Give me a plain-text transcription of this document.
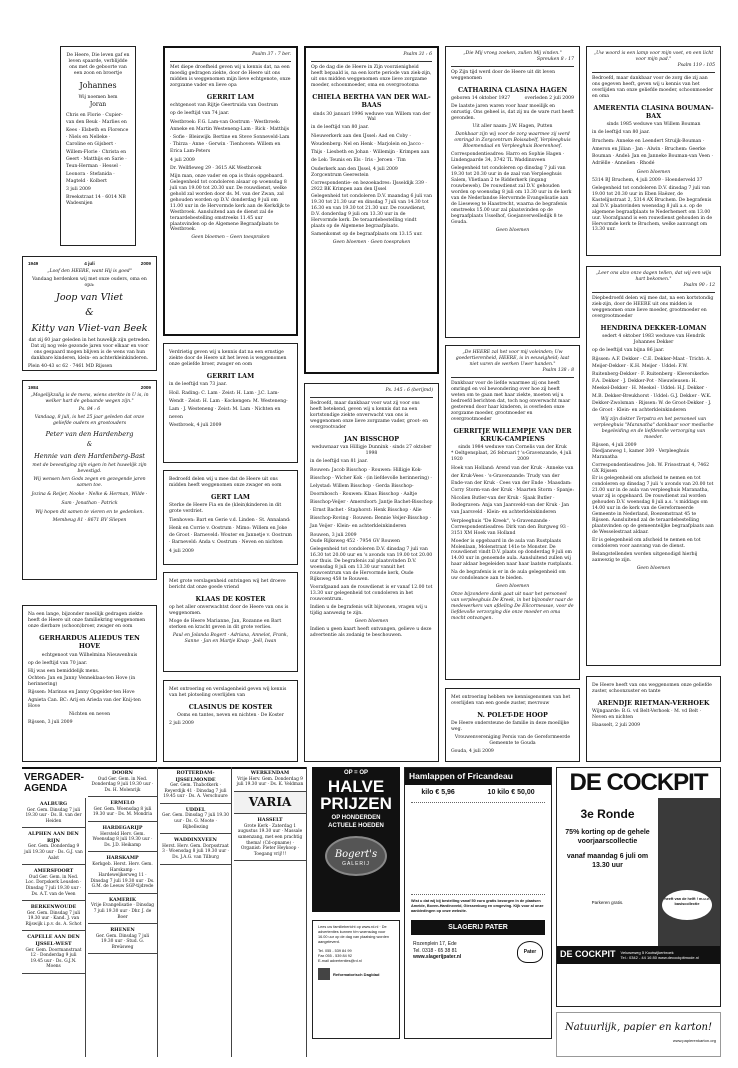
De Heere, Die leven gaf en leven spaarde, verblijdde ons met de geboorte van een zoon en broertje
Johannes
Wij noemen hem
Joran
Chris en Florie · Cupier-van den Beuk · Marlies en Kees · Elsbeth en Florence · Niels en Nelleke · Caroline en Gijsbert · Willem-Florie · Christa en Geert · Matthijs en Sarie · Teun-Herman · Hessel · Leonora · Stefanida · Magteld · Kolbert
3 juli 2009
Breekstraat 14 · 6014 NB Wadesnijen
1949	4 juli	2009
„Loof den HEERE, want Hij is goed"
Vandaag herdenken wij met onze ouders, oma en opa:
Joop van Vliet
&
Kitty van Vliet-van Beek
dat zij 60 jaar geleden in het huwelijk zijn getreden. Dat zij nog vele gezonde jaren voor elkaar en voor ons gespaard mogen blijven is de wens van hun dankbare kinderen, klein- en achterkleinkinderen.
Plein 40-43 sc 62 · 7461 MD Rijssen
1984	2009
„Mogelijkzalig is de mens, wiens sterkte in U is, in welker hart de gebaande wegen zijn."
Ps. 84 : 6
Vandaag, 8 juli, is het 25 jaar geleden dat onze geliefde ouders en grootouders
Peter van den Hardenberg
&
Hennie van den Hardenberg-Bast
met de bevestiging zijn eigen in het huwelijk zijn bevestigd.
Wij wensen hen Gods zegen en gezegende jaren samen toe.
Jozina & Reijer, Nooke · Nelke & Herman, Wilde · Sam · Jonathan · Patrick
Wij hopen dit samen te vieren en te gedenken.
Membeug 81 · 8671 BV Sliepen
Na een lange, bijzonder moeilijk gedragen ziekte heeft de Heere uit onze familiekring weggenomen onze dierbare (schoon)broer, zwager en oom
GERHARDUS ALIEDUS TEN HOVE
echtgenoot van Wilhelmina Nieuwenhuis
op de leeftijd van 70 jaar.
Hij was een bemiddelijk mens.
Ochten: Jan en Janny Venneklaas-ten Hove (in herinnering)
Rijssen: Marinus en Janny Opgelder-ten Hove
Agnieta Can. BC: Arij en Arieda van der Knij-ten Hove
Nichten en neven
Rijssen, 3 juli 2009
Psalm 37 : 7 ber.
Met diepe droefheid geven wij u kennis dat, na een moedig gedragen ziekte, door de Heere uit ons midden is weggenomen mijn lieve echtgenote, onze zorgzame vader en lieve opa
GERRIT LAM
echtgenoot van Rijtje Geertruida van Oostrum
op de leeftijd van 74 jaar.
Westbroek: F.G. Lam-van Oostrum · Westbroek: Anneke en Martin Westeneng-Lam · Rick · Matthijs · Sofie · Bleiswijk: Bertine en Steve Sonneveld-Lam · Thirza · Anne · Gerwin · Tienhoven: Willem en Erica Lam-Peters
4 juli 2009
Dr. Wellfleweg 29 · 3615 AK Westbroek
Mijn man, onze vader en opa is thuis opgebaard. Gelegenheid tot condoleren alsaar op woensdag 8 juli van 19.00 tot 20.30 uur. De rouwdienst, welke gehold zal worden door ds. M. van der Zwan, zal gehouden worden op D.V. donderdag 9 juli om 11.00 uur in de Hervormde kerk aan de Kerkdijk te Westbroek. Aansluitend aan de dienst zal de teraardebestelling omstreeks 11.45 uur plaatsvinden op de Algemene Begraafplaats te Westbroek.
Geen bloemen – Geen toespraken
Verdrietig geven wij u kennis dat na een ernstige ziekte door de Heere uit het leven is weggenomen onze geliefde broer, zwager en oom
GERRIT LAM
in de leeftijd van 73 jaar.
Hoil. Rading: C. Lam · Zeist: H. Lam · J.C. Lam-Wendt · Zeist: H. Lam · Kockengen: M. Westeneng-Lam · J. Westeneng · Zeist: M. Lam · Nichten en neven
Westbroek, 4 juli 2009
Bedroefd delen wij u mee dat de Heere uit ons midden heeft weggenomen onze zwager en oom
GERT LAM
Sterke de Heere Fia en de (klein)kinderen in dit grote verdriet.
Tienhoven: Bart en Gerie v.d. Linden · St. Annaland: Henk en Corrie v. Oostrum · Mimo: Willem en Joke de Groot · Barneveld: Wouter en Jannetje v. Oostrum · Barneveld: Anda v. Oostrum · Neven en nichten
4 juli 2009
Met grote verslagenheid ontvingen wij het droeve bericht dat onze goede vriend
KLAAS DE KOSTER
op het aller onverwachtst door de Heere van ons is weggenomen.
Moge de Heere Marianne, Jan, Rozanne en Bart sterken en kracht geven in dit grote verlies.
Paul en Jolanda Bogert · Adriana, Annelot, Frank, Sanne · Jan en Martje Knap · Joël, Iwan
Met ontroering en verslagenheid geven wij kennis van het plotseling overlijden van
CLASINUS DE KOSTER
Ooms en tantes, neven en nichten · De Koster
2 juli 2009
Psalm 31 : 6
Op de dag die de Heere in Zijn voorzienigheid heeft bepaald is, na een korte periode van ziek-zijn, uit ons midden weggenomen onze lieve zorgzame moeder, schoonmoeder, oma en overgrootoma
CHIELA BERTHA VAN DER WAL-BAAS
sinds 30 januari 1996 weduwe van Willem van der Wal
in de leeftijd van 80 jaar.
Nieuwerkerk aan den IJssel: Aad en Coby · Woudenberg: Nel en Henk · Marjolein en Jacco · Thijs · Liesbeth en Johan · Willemijn · Krimpen aan de Lek: Teunis en Els · Iris · Jeroen · Tim
Ouderkerk aan den IJssel, 4 juli 2009
Zorgcentrum Geerestein
Correspondentie- en bezoekadres: IJsseldijk 339 · 2922 BK Krimpen aan den IJssel
Gelegenheid tot condoleren D.V. maandag 6 juli van 19.30 tot 21.30 uur en dinsdag 7 juli van 14.30 tot 16.30 en van 19.30 tot 21.30 uur. De rouwdienst, D.V. donderdag 9 juli om 13.30 uur in de Hervormde kerk. De teraardebestelling vindt plaats op de Algemene begraafplaats.
Samenkomst op de begraafplaats om 13.15 uur.
Geen bloemen · Geen toespraken
Ps. 145 : 6 (berijmd)
Bedroefd, maar dankbaar voor wat zij voor ons heeft betekend, geven wij u kennis dat na een kortstondige ziekte onverwacht van ons is weggenomen onze lieve zorgzame vader, groot- en overgrootvader
JAN BISSCHOP
weduwnaar van Hilligje Dunnink · sinds 27 oktober 1998
in de leeftijd van 81 jaar.
Rouwen: Jacob Bisschop · Rouwen: Hilligje Kok-Bisschop · Wicher Kok · (in liefdevolle herinnering) · Lelystad: Willem Bisschop · Gerda Bisschop-Doornbosch · Rouwen: Klaas Bisschop · Aaltje Bisschop-Veijer · Amersfoort: Jantje Bachet-Bisschop · Ernst Bachet · Staphorst: Henk Bisschop · Alie Bisschop-Roving · Rouwen: Bennie Veijer-Bisschop · Jan Veijer · Klein- en achterkleinkinderen
Rouwen, 3 juli 2009
Oude Rijksweg 452 · 7954 GV Rouwen
Gelegenheid tot condoleren D.V. dinsdag 7 juli van 16.30 tot 20.00 uur en 's avonds van 19.00 tot 20.00 uur thuis. De begrafenis zal plaatsvinden D.V. woensdag 8 juli om 13.30 uur vanuit het rouwcentrum van de Hervormde kerk, Oude Rijksweg 458 te Rouwen.
Voorafgaand aan de rouwdienst is er vanaf 12.00 tot 13.30 uur gelegenheid tot condoleren in het rouwcentrum.
Indien u de begrafenis wilt bijwonen, vragen wij u tijdig aanwezig te zijn.
Geen bloemen
Indien u geen kaart heeft ontvangen, gelieve u deze advertentie als zodanig te beschouwen.
„Die Mij vroeg zoeken, zullen Mij vinden."
Spreuken 8 : 17
Op Zijn tijd werd door de Heere uit dit leven weggenomen
CATHARINA CLASINA HAGEN
geboren 14 oktober 1927	overleden 2 juli 2009
De laatste jaren waren voor haar moeilijk en onrustig. Ons geheel is, dat zij nu de ware rust heeft gevonden.
Uit aller naam: J.W. Hagen, Putten
Dankbaar zijn wij voor de zorg waarmee zij werd omringd in Zorgcentrum Boissabelf, Verpleeghuis Bloemendaal en Verpleeghuis Boerenhoef.
Correspondentieadres: Harro en Sophie Hagen · Lindengaarde 34, 3742 TL Waddinxveen
Gelegenheid tot condoleren op dinsdag 7 juli van 19.30 tot 20.30 uur in de zaal van Verpleeghuis Salem, Vlietlaan 2 te Ridderkerk (ingang rouwbeweb). De rouwdienst zal D.V. gehouden worden op woensdag 8 juli om 13.30 uur in de kerk van de Nederlandse Hervormde Evangelisatie aan de Lieseweg te Haastrecht, waarna de begrafenis omstreeks 15.00 uur zal plaatsvinden op de begraafplaats Usselhof, Goejanverwelledijk 8 te Gouda.
Geen bloemen
„De HEERE zal het voor mij voleinden; Uw goedertierenheid, HEERE, is in eeuwigheid; laat niet varen de werken Uwer handen."
Psalm 138 : 8
Dankbaar voor de liefde waarmee zij ons heeft omringd en vol bewondering over hoe zij heeft weten om te gaan met haar ziekte, moeten wij u bedroefd berichten dat, toch nog onverwacht maar gesterend door haar kinderen, is overleden onze zorgzame moeder, grootmoeder en overgrootmoeder
GERRITJE WILLEMPJE VAN DER KRUK-CAMPIENS
sinds 1984 weduwe van Cornelis van der Kruk
* Oeltgensplaat, 26 februari 1920
† 's-Gravenzande, 4 juli 2009
Hoek van Holland: Arend van der Kruk · Anneke van der Kruk-Vees · 's-Gravenzande: Trudy van der Ende-van der Kruk · Cees van der Ende · Maasdam: Corry Storm-van der Kruk · Maarten Storm · Spanje: Nicolien Butler-van der Kruk · Sjaak Butler · Bodegraven: Anja van Jaarsveld-van der Kruk · Jan van Jaarsveld · Klein- en achterkleinkinderen
Verpleeghuis "De Kreek", 's-Gravenzande · Correspondentieadres: Dirk van den Burgweg 93 · 3151 XM Hoek van Holland
Moeder is opgebaard in de aula van Rustplaats Molenlaan, Molenstraat 141e te Monster. De rouwdienst vindt D.V. plaats op donderdag 9 juli om 14.00 uur in genoemde aula. Aansluitend zullen wij haar aldaar begeleiden naar haar laatste rustplaats.
Na de begrafenis is er in de aula gelegenheid om uw condoleance aan te bieden.
Geen bloemen
Onze bijzondere dank gaat uit naar het personeel van verpleeghuis De Kreek, in het bijzonder naar de medewerkers van afdeling De Eilcormessae, voor de liefdevolle verzorging die onze moeder en oma mocht ontvangen.
Met ontroering hebben we kennisgenomen van het overlijden van een goede zuster, mevrouw
N. POLET-DE HOOP
De Heere ondersteune de familie in deze moeilijke weg.
Vrouwenvereniging Persis van de Gereformeerde Gemeente te Gouda
Gouda, 4 juli 2009
„Uw woord is een lamp voor mijn voet, en een licht voor mijn pad."
Psalm 119 : 105
Bedroefd, maar dankbaar voor de zorg die zij aan ons gegeven heeft, geven wij u kennis van het overlijden van onze geliefde moeder, schoonmoeder en oma
AMERENTIA CLASINA BOUMAN-BAX
sinds 1985 weduwe van Willem Bouman
in de leeftijd van 80 jaar.
Bruchem: Anneke en Leendert Struijk-Bouman · Ameron en Jilian · Jan · Alwin · Bruchem: Geerke Bouman · Andel: Jan en Janneke Bouman-van Veen · Adriëlle · Annelien · Rhodé
Geen bloemen
5314 BJ Bruchem, 4 juli 2009 · Hoenderveld 37
Gelegenheid tot condoleren D.V. dinsdag 7 juli van 19.00 tot 20.30 uur in Eben Haëzer, de Kastelijnstraat 2, 5314 AX Bruchem. De begrafenis zal D.V. plaatsvinden woensdag 8 juli a.s. op de algemene begraafplaats te Nederhemert om 13.00 uur. Voorafgaand is een rouwdienst gehouden in de Hervormde kerk te Bruchem, welke aanvangt om 13.30 uur.
„Leer ons alzo onze dagen tellen, dat wij een wijs hart bekomen."
Psalm 90 : 12
Diepbedroefd delen wij mee dat, na een kortstondig ziek-zijn, door de HEERE uit ons midden is weggenomen onze lieve moeder, grootmoeder en overgrootmoeder
HENDRINA DEKKER-LOMAN
sedert 4 oktober 1983 weduwe van Hendrik Johannes Dekker
op de leeftijd van bijna 86 jaar.
Rijssen: A.F. Dekker · C.E. Dekker-Maat · Tricht: A. Meijer-Dekker · K.H. Meijer · Uddel: F.W. Ruitenberg-Dekker · F. Ruitenberg · Kleverskerke: F.A. Dekker · J. Dekker-Pot · Nieuwleusen: H. Meekel-Dekker · H. Meekel · Uddel: H.J. Dekker · M.B. Dekker-Breukhorst · Uddel: G.J. Dekker · W.K. Dekker-Zwolsman · Rijssen: W. de Groot-Dekker · J. de Groot · Klein- en achterkleinkinderen
Wij zijn dokter Terpstra en het personeel van verpleeghuis "Maranatha" dankbaar voor medische begeleiding en de liefdevolle verzorging van moeder.
Rijssen, 4 juli 2009
Diedjansweg 1, kamer 309 · Verpleeghuis Maranatha
Correspondentieadres: Joh. W. Frisostraat 4, 7462 GX Rijssen
Er is gelegenheid om afscheid te nemen en tot condoleren op dinsdag 7 juli 's avonds van 20.00 tot 21.00 uur in de aula van verpleeghuis Maranatha, waar zij is opgebaard. De rouwdienst zal worden gehouden D.V. woensdag 8 juli a.s. 's middags om 14.00 uur in de kerk van de Gereformeerde Gemeente in Nederland, Boezemstraat 45 te Rijssen. Aansluitend zal de teraardebestelling plaatsvinden op de gemeentelijke begraafplaats aan de Wesselestraat aldaar.
Er is gelegenheid om afscheid te nemen en tot condoleren voor aanvang van de dienst.
Belangstellenden worden uitgenodigd hierbij aanwezig te zijn.
Geen bloemen
De Heere heeft van ons weggenomen onze geliefde zuster, schoonzuster en tante
ARENDJE RIETMAN-VERHOEK
Wijngaarde: B.G. vd Belt-Verhoek · M. vd Belt · Neven en nichten
Haasselt, 2 juli 2009
VERGADER-AGENDA
AALBURG
Ger. Gem. Dinsdag 7 juli 19.30 uur · Ds. B. van der Heiden
ALPHEN AAN DEN RIJN
Ger. Gem. Donderdag 9 juli 19.30 uur · Ds. G.J. van Aalst
AMERSFOORT
Oud Ger. Gem. in Ned. Loc. Dorpskerk Leusden · Dinsdag 7 juli 19.30 uur · Ds. A.T. van de Veen
BERKENWOUDE
Ger. Gem. Dinsdag 7 juli 19.30 uur · Kand. J. van Rijswijk i.p.v. ds. A. Schot
CAPELLE AAN DEN IJSSEL-WEST
Ger. Gem. Doormanstraat 12 · Donderdag 9 juli 19.45 uur · Ds. G.J.N. Moens
DOORN
Oud Ger. Gem. in Ned. Donderdag 9 juli 19.30 uur · Ds. H. Molenrijk
ERMELO
Ger. Gem. Woensdag 8 juli 19.30 uur · Ds. M. Mondria
HARDEGARIJP
Hersteld Herv. Gem. Woensdag 8 juli 19.30 uur · Ds. J.D. Heikamp
HARSKAMP
Kerkgeb. Herst. Herv. Gem. Harskamp · Hardeweijkerweg 11 · Dinsdag 7 juli 19.30 uur · Ds. G.M. de Leeuw SGP-tijdrede
KAMERIK
Vrije Evangelisatie · Dinsdag 7 juli 19.30 uur · Dhr. J. de Boer
RHENEN
Ger. Gem. Dinsdag 7 juli 19.30 uur · Stud. G. Breüsweg
ROTTERDAM-IJSSELMONDE
Ger. Gem. Thabotkerk · Reyerdijk 41 · Dinsdag 7 juli 19.45 uur · Ds. A. Verschuure
UDDEL
Ger. Gem. Dinsdag 7 juli 19.30 uur · Ds. G. Moote · Bijbellezing
WADDINXVEEN
Herst. Herv. Gem. Dorpsstraat 3 · Woensdag 8 juli 19.30 uur · Ds. J.A.G. van Tilburg
WERKENDAM
Vrije Herv. Gem. Donderdag 9 juli 19.30 uur · Ds. K. Veldman
VARIA
HASSELT
Grote Kerk · Zaterdag 1 augustus 19.30 uur · Massale samenzang, met een prachtig thema! (Cd-opname) · Organist: Pieter Heykoop · Toegang vrij!!!
OP = OP
HALVE
PRIJZEN
OP HONDERDEN
ACTUELE HOEDEN
Bogert's
GALERIJ
Hamlappen of Fricandeau
kilo € 5,96	10 kilo € 50,00
Wist u dat wij bij bestelling vanaf 50 euro gratis bezorgen in de plaatsen Ameide, Boven-Hardinxveld, Giessenburg en omgeving. Kijk voor al onze aanbiedingen op onze website.
SLAGERIJ PATER
Rozenplein 17, Ede
Tel. 0318 - 65 38 81
www.slagerijpater.nl
Pater
Lees uw familiebericht op www.rd.nl · De advertenties kunnen t/m woensdag voor 16.00 uur op de dag van plaatsing worden aangeleverd.
Tel. 055 - 539 84 99
Fax 055 - 539 84 92
E-mail advertenties@rd.nl
Reformatorisch Dagblad
DE COCKPIT
3e Ronde
75% korting op de gehele voorjaarscollectie
vanaf maandag 6 juli om 13.30 uur
Parkeren gratis.
heeft van de helft ! m.u.v. basiscollectie
DE COCKPIT Veluweweg 5 Kootwijkerbroek
Tel.: 0342 - 44 16 80 www.decockpitmode.nl
Natuurlijk, papier en karton!
www.papierenkarton.org
